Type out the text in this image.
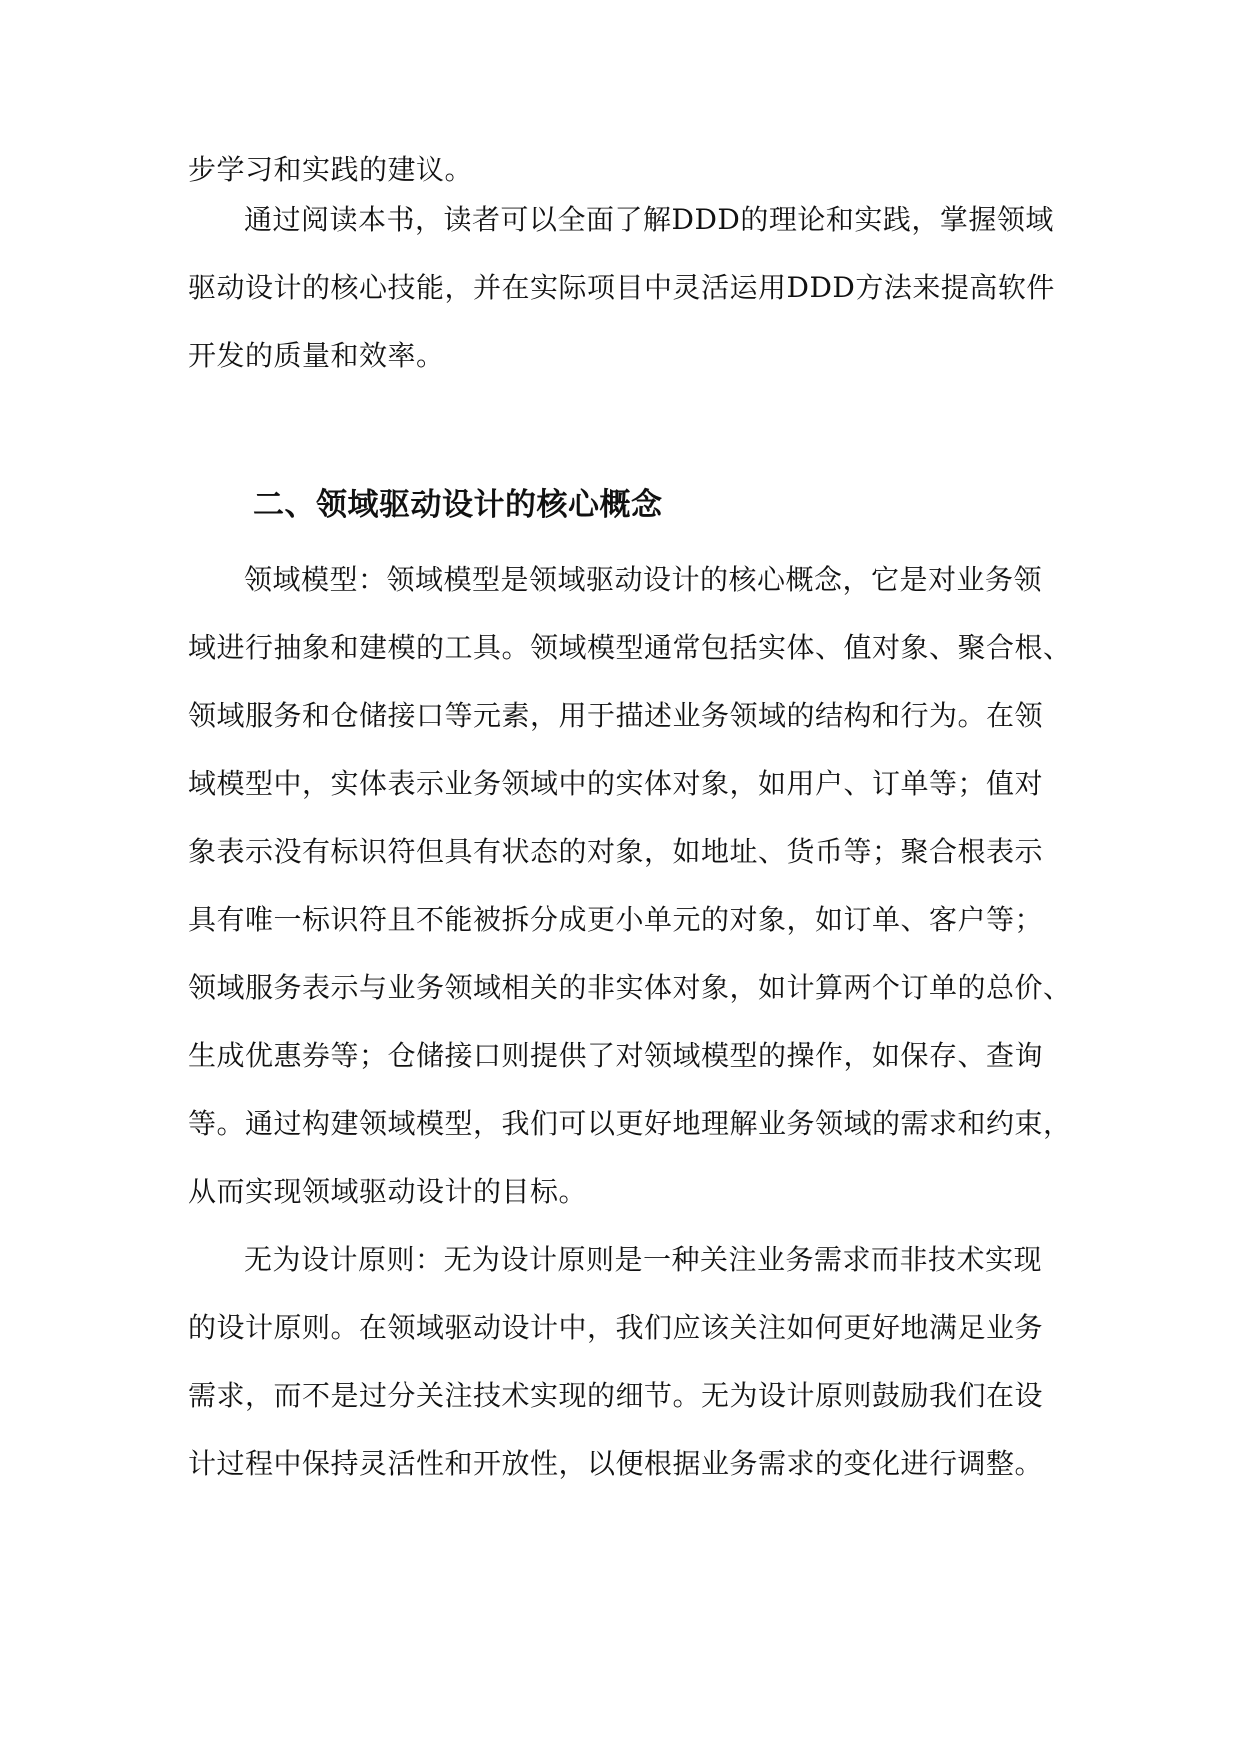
步学习和实践的建议。

通过阅读本书，读者可以全面了解DDD的理论和实践，掌握领域

驱动设计的核心技能，并在实际项目中灵活运用DDD方法来提高软件

开发的质量和效率。

二、领域驱动设计的核心概念

领域模型：领域模型是领域驱动设计的核心概念，它是对业务领

域进行抽象和建模的工具。领域模型通常包括实体、值对象、聚合根、

领域服务和仓储接口等元素，用于描述业务领域的结构和行为。在领

域模型中，实体表示业务领域中的实体对象，如用户、订单等；值对

象表示没有标识符但具有状态的对象，如地址、货币等；聚合根表示

具有唯一标识符且不能被拆分成更小单元的对象，如订单、客户等；

领域服务表示与业务领域相关的非实体对象，如计算两个订单的总价、

生成优惠券等；仓储接口则提供了对领域模型的操作，如保存、查询

等。通过构建领域模型，我们可以更好地理解业务领域的需求和约束，

从而实现领域驱动设计的目标。

无为设计原则：无为设计原则是一种关注业务需求而非技术实现

的设计原则。在领域驱动设计中，我们应该关注如何更好地满足业务

需求，而不是过分关注技术实现的细节。无为设计原则鼓励我们在设

计过程中保持灵活性和开放性，以便根据业务需求的变化进行调整。
